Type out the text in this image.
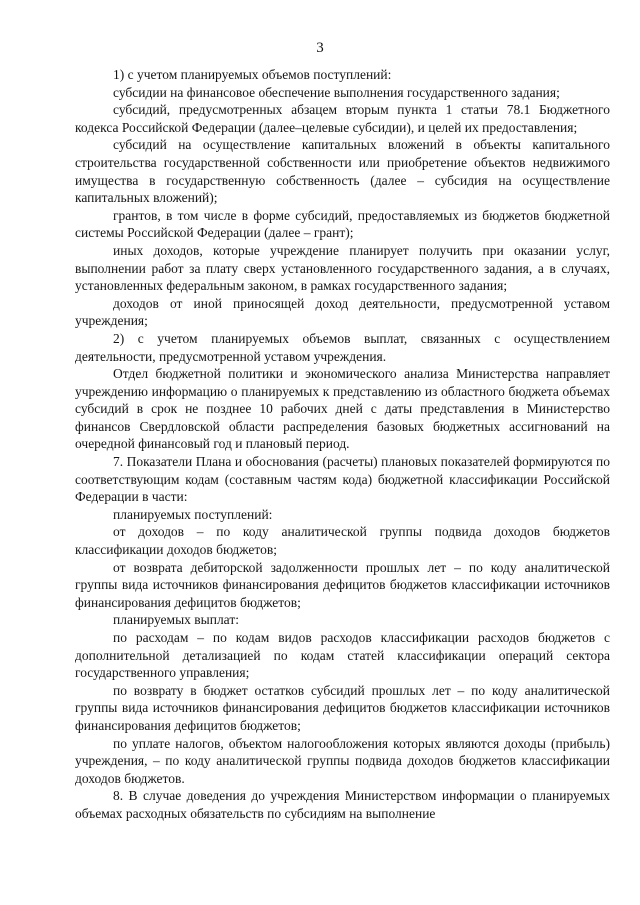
3

1) с учетом планируемых объемов поступлений:

субсидии на финансовое обеспечение выполнения государственного задания;

субсидий, предусмотренных абзацем вторым пункта 1 статьи 78.1 Бюджетного кодекса Российской Федерации (далее–целевые субсидии), и целей их предоставления;

субсидий на осуществление капитальных вложений в объекты капитального строительства государственной собственности или приобретение объектов недвижимого имущества в государственную собственность (далее – субсидия на осуществление капитальных вложений);

грантов, в том числе в форме субсидий, предоставляемых из бюджетов бюджетной системы Российской Федерации (далее – грант);

иных доходов, которые учреждение планирует получить при оказании услуг, выполнении работ за плату сверх установленного государственного задания, а в случаях, установленных федеральным законом, в рамках государственного задания;

доходов от иной приносящей доход деятельности, предусмотренной уставом учреждения;

2) с учетом планируемых объемов выплат, связанных с осуществлением деятельности, предусмотренной уставом учреждения.

Отдел бюджетной политики и экономического анализа Министерства направляет учреждению информацию о планируемых к представлению из областного бюджета объемах субсидий в срок не позднее 10 рабочих дней с даты представления в Министерство финансов Свердловской области распределения базовых бюджетных ассигнований на очередной финансовый год и плановый период.

7. Показатели Плана и обоснования (расчеты) плановых показателей формируются по соответствующим кодам (составным частям кода) бюджетной классификации Российской Федерации в части:

планируемых поступлений:

от доходов – по коду аналитической группы подвида доходов бюджетов классификации доходов бюджетов;

от возврата дебиторской задолженности прошлых лет – по коду аналитической группы вида источников финансирования дефицитов бюджетов классификации источников финансирования дефицитов бюджетов;

планируемых выплат:

по расходам – по кодам видов расходов классификации расходов бюджетов с дополнительной детализацией по кодам статей классификации операций сектора государственного управления;

по возврату в бюджет остатков субсидий прошлых лет – по коду аналитической группы вида источников финансирования дефицитов бюджетов классификации источников финансирования дефицитов бюджетов;

по уплате налогов, объектом налогообложения которых являются доходы (прибыль) учреждения, – по коду аналитической группы подвида доходов бюджетов классификации доходов бюджетов.

8. В случае доведения до учреждения Министерством информации о планируемых объемах расходных обязательств по субсидиям на выполнение
